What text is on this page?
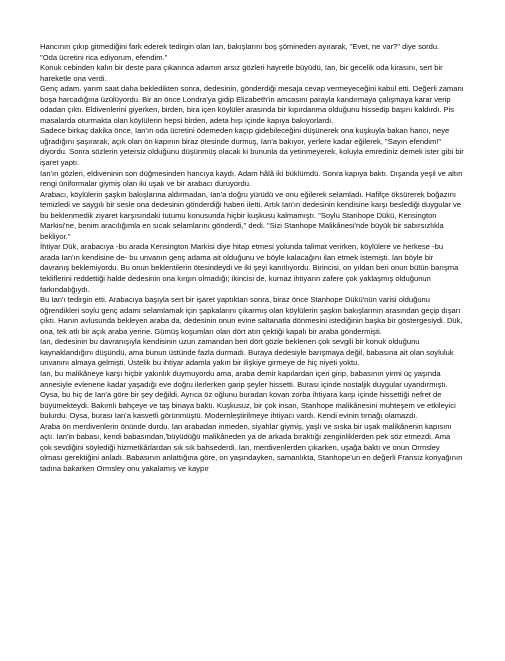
Hancının çıkıp gitmediğini fark ederek tedirgin olan Ian, bakışlarını boş şömineden ayırarak, "Evet, ne var?" diye sordu.

"Oda ücretini rica ediyorum, efendim."

Konuk cebinden kalın bir deste para çıkarınca adamın arsız gözleri hayretle büyüdü, Ian, bir gecelik oda kirasını, sert bir hareketle ona verdi.

Genç adam. yarım saat daha bekledikten sonra, dedesinin, gönderdiği mesaja cevap vermeyeceğini kabul etti. Değerli zamanı boşa harcadığına üzülüyordu. Bir an önce Londra'ya gidip Elizabeth'in amcasını parayla kandırmaya çalışmaya karar verip odadan çıktı. Eldivenlerini giyerken, birden, bira içen köylüler arasında bir kıpırdanma olduğunu hissedip başını kaldırdı. Pis masalarda oturmakta olan köylülerin hepsi birden, adeta hışı içinde kapıya bakıyorlardı.

Sadece birkaç dakika önce, Ian'ın oda ücretini ödemeden kaçıp gidebileceğini düşünerek ona kuşkuyla bakan hancı, neye uğradığını şaşırarak, açık olan ön kapının biraz ötesinde durmuş, Ian'a bakıyor, yerlere kadar eğilerek, "Sayın efendim!" diyordu. Sonra sözlerin yetersiz olduğunu düşünmüş olacak ki bununla da yetinmeyerek, koluyla emrediniz demek ister gibi bir işaret yaptı.

Ian'ın gözleri, eldiveninin son düğmesinden hancıya kaydı. Adam hâlâ iki büklümdü. Sonra kapıya baktı. Dışanda yeşil ve altın rengi üniformalar giymiş olan iki uşak ve bir arabacı duruyordu.

Arabacı, köylülerin şaşkın bakışlarına aldırmadan, Ian'a doğru yürüdü ve onu eğilerek selamladı. Hafifçe öksürerek boğazını temizledi ve saygılı bir sesle ona dedesinin gönderdiği haberi iletti. Artık Ian'ın dedesinin kendisine karşı beslediği duygular ve bu beklenmedik ziyaret karşısındaki tutumu konusunda hiçbir kuşkusu kalmamıştı. "Soylu Stanhope Dükü, Kensington Markisi'ne, benim aracılığımla en sıcak selamlarını gönderdi," dedi. "Sizi Stanhope Malikânesi'nde büyük bir sabırsızlıkla bekliyor."

İhtiyar Dük, arabacıya -bu arada Kensington Markisi diye hitap etmesi yolunda talimat verirken, köylülere ve herkese -bu arada Ian'ın kendisine de- bu unvanın genç adama ait olduğunu ve böyle kalacağını ilan etmek istemişti. Ian böyle bir davranış beklemiyordu. Bu onun beklentilerin ötesindeydi ve iki şeyi kanıtlıyordu. Birincisi, on yıldan beri onun bütün barışma tekliflerini reddettiği halde dedesinin ona kırgın olmadığı; ikincisi de, kurnaz ihtiyarın zafere çok yaklaşmış olduğunun farkındalığıydı.

Bu Ian'ı tedirgin etti. Arabacıya başıyla sert bir işaret yaptıktan sonra, biraz önce Stanhope Dükü'nün varisi olduğunu öğrendikleri soylu genç adamı selamlamak için şapkalarını çıkarmış olan köylülerin şaşkın bakışlarının arasından geçip dışarı çıktı. Hanın avlusunda bekleyen araba da, dedesinin onun evine saltanatla dönmesini istediğinin başka bir göstergesiydi. Dük, ona, tek atlı bir açık araba yerine. Gümüş koşumları olan dört atın çektiği kapalı bir araba göndermişti.

Ian, dedesinin bu davranışıyla kendisinin uzun zamandan beri dört gözle beklenen çok sevgili bir konuk olduğunu kaynaklandığını düşündü, ama bunun üstünde fazla durmadı. Buraya dedesiyle barışmaya değil, babasına ait olan soyluluk unvanını almaya gelmişti. Üstelik bu ihtiyar adamla yakın bir ilişkiye girmeye de hiç niyeti yoktu.

Ian, bu malikâneye karşı hiçbir yakınlık duymuyordu ama, araba demir kapılardan içeri girip, babasının yirmi üç yaşında annesiyle evlenene kadar yaşadığı eve doğru ilerlerken garip şeyler hissetti. Burası içinde nostaljik duygular uyandırmıştı. Oysa, bu hiç de Ian'a göre bir şey değildi. Ayrıca öz oğlunu buradan kovan zorba ihtiyara karşı içinde hissettiği nefret de büyümekteydi. Bakımlı bahçeye ve taş binaya baktı. Kuşkusuz, bir çok insan, Stanhope malikânesini muhteşem ve etkileyici bulurdu. Oysa, burası Ian'a kasvetli görünmüştü. Modernleştirilmeye ihtiyacı vardı. Kendi evinin tırnağı olamazdı.

Araba ön merdivenlerin önünde durdu. Ian arabadan inmeden, siyahlar giymiş, yaşlı ve sıska bir uşak malikânenin kapısını açtı. Ian'in babası, kendi babasından,'büyüdüğü malikâneden ya de arkada bıraktığı zenginliklerden pek söz etmezdi. Ama çok sevdiğini söylediği hizmetkârlardan sık sık bahsederdi. Ian, merdivenlerden çıkarken, uşağa baktı ve onun Ormsley olması gerektiğini anladı. Babasının anlattığına göre, on yaşındayken, samanlıkta, Stanhope'un en değerli Fransız konyağının tadına bakarken Ormsley onu yakalamış ve kaypır
